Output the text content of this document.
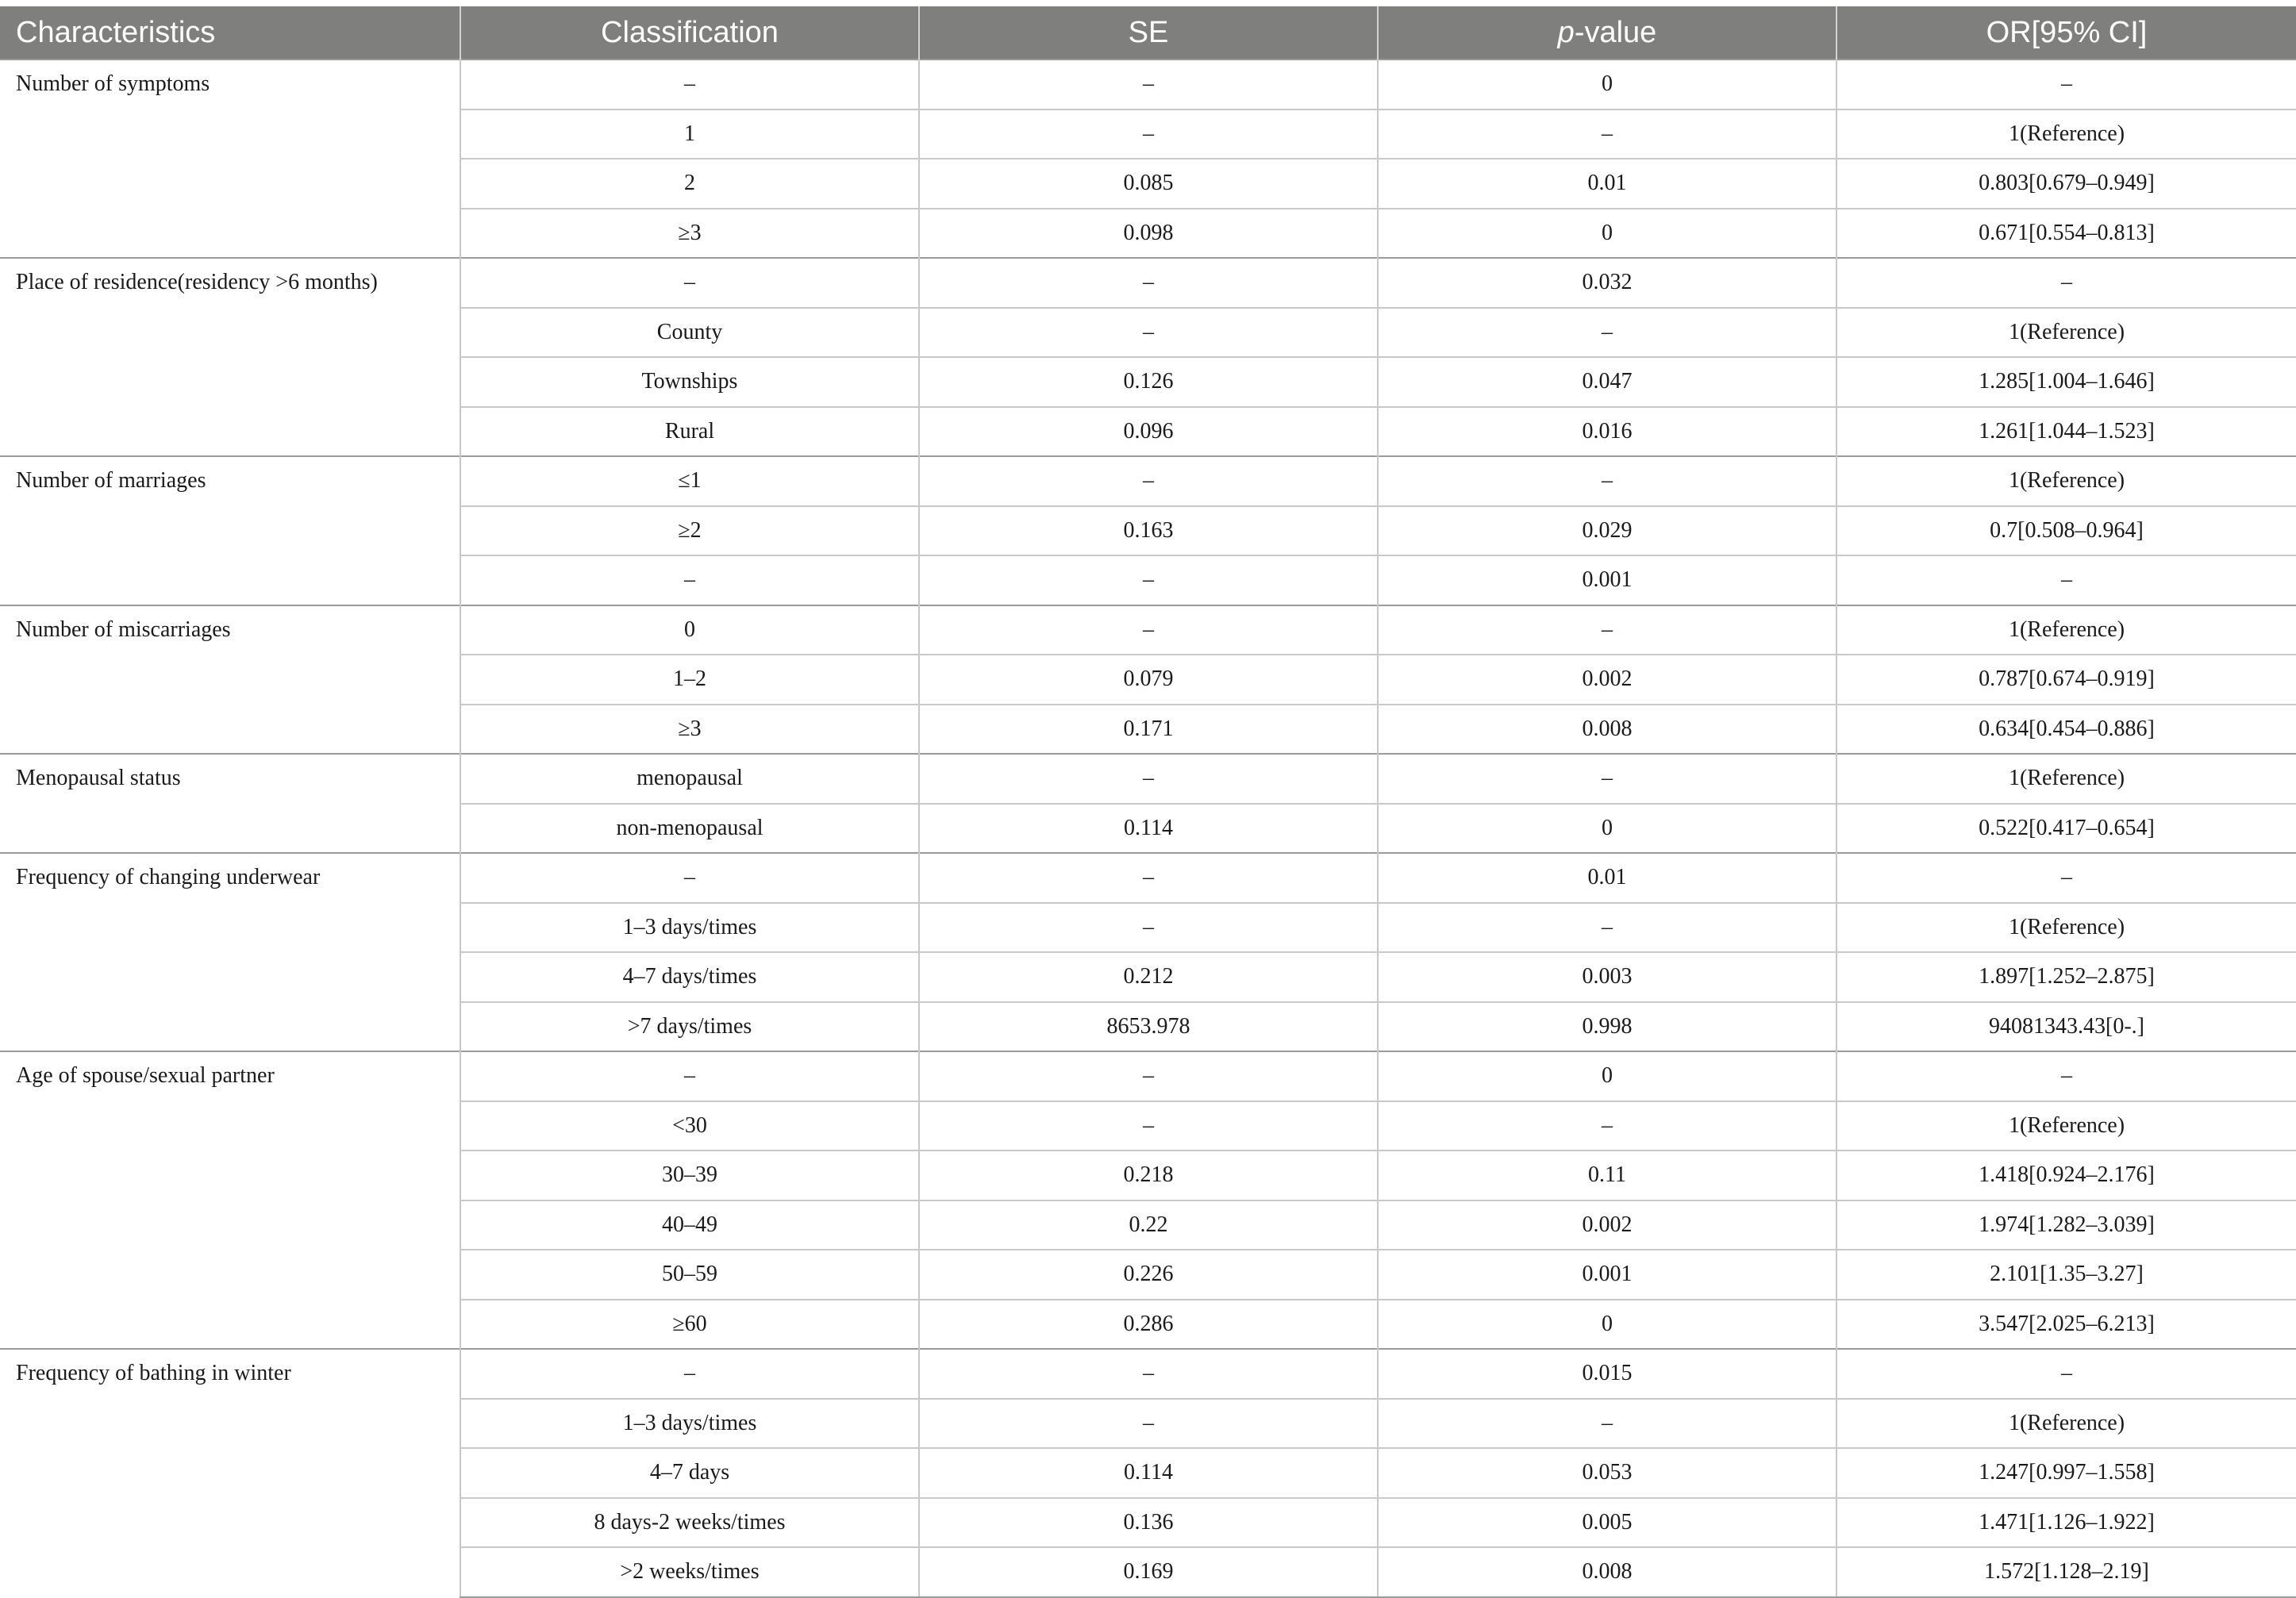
Characteristics	Classification	SE	p-value	OR[95% CI]
Number of symptoms	–	–	0	–
	1	–	–	1(Reference)
	2	0.085	0.01	0.803[0.679–0.949]
	≥3	0.098	0	0.671[0.554–0.813]
Place of residence(residency >6 months)	–	–	0.032	–
	County	–	–	1(Reference)
	Townships	0.126	0.047	1.285[1.004–1.646]
	Rural	0.096	0.016	1.261[1.044–1.523]
Number of marriages	≤1	–	–	1(Reference)
	≥2	0.163	0.029	0.7[0.508–0.964]
	–	–	0.001	–
Number of miscarriages	0	–	–	1(Reference)
	1–2	0.079	0.002	0.787[0.674–0.919]
	≥3	0.171	0.008	0.634[0.454–0.886]
Menopausal status	menopausal	–	–	1(Reference)
	non-menopausal	0.114	0	0.522[0.417–0.654]
Frequency of changing underwear	–	–	0.01	–
	1–3 days/times	–	–	1(Reference)
	4–7 days/times	0.212	0.003	1.897[1.252–2.875]
	>7 days/times	8653.978	0.998	94081343.43[0-.]
Age of spouse/sexual partner	–	–	0	–
	<30	–	–	1(Reference)
	30–39	0.218	0.11	1.418[0.924–2.176]
	40–49	0.22	0.002	1.974[1.282–3.039]
	50–59	0.226	0.001	2.101[1.35–3.27]
	≥60	0.286	0	3.547[2.025–6.213]
Frequency of bathing in winter	–	–	0.015	–
	1–3 days/times	–	–	1(Reference)
	4–7 days	0.114	0.053	1.247[0.997–1.558]
	8 days-2 weeks/times	0.136	0.005	1.471[1.126–1.922]
	>2 weeks/times	0.169	0.008	1.572[1.128–2.19]
